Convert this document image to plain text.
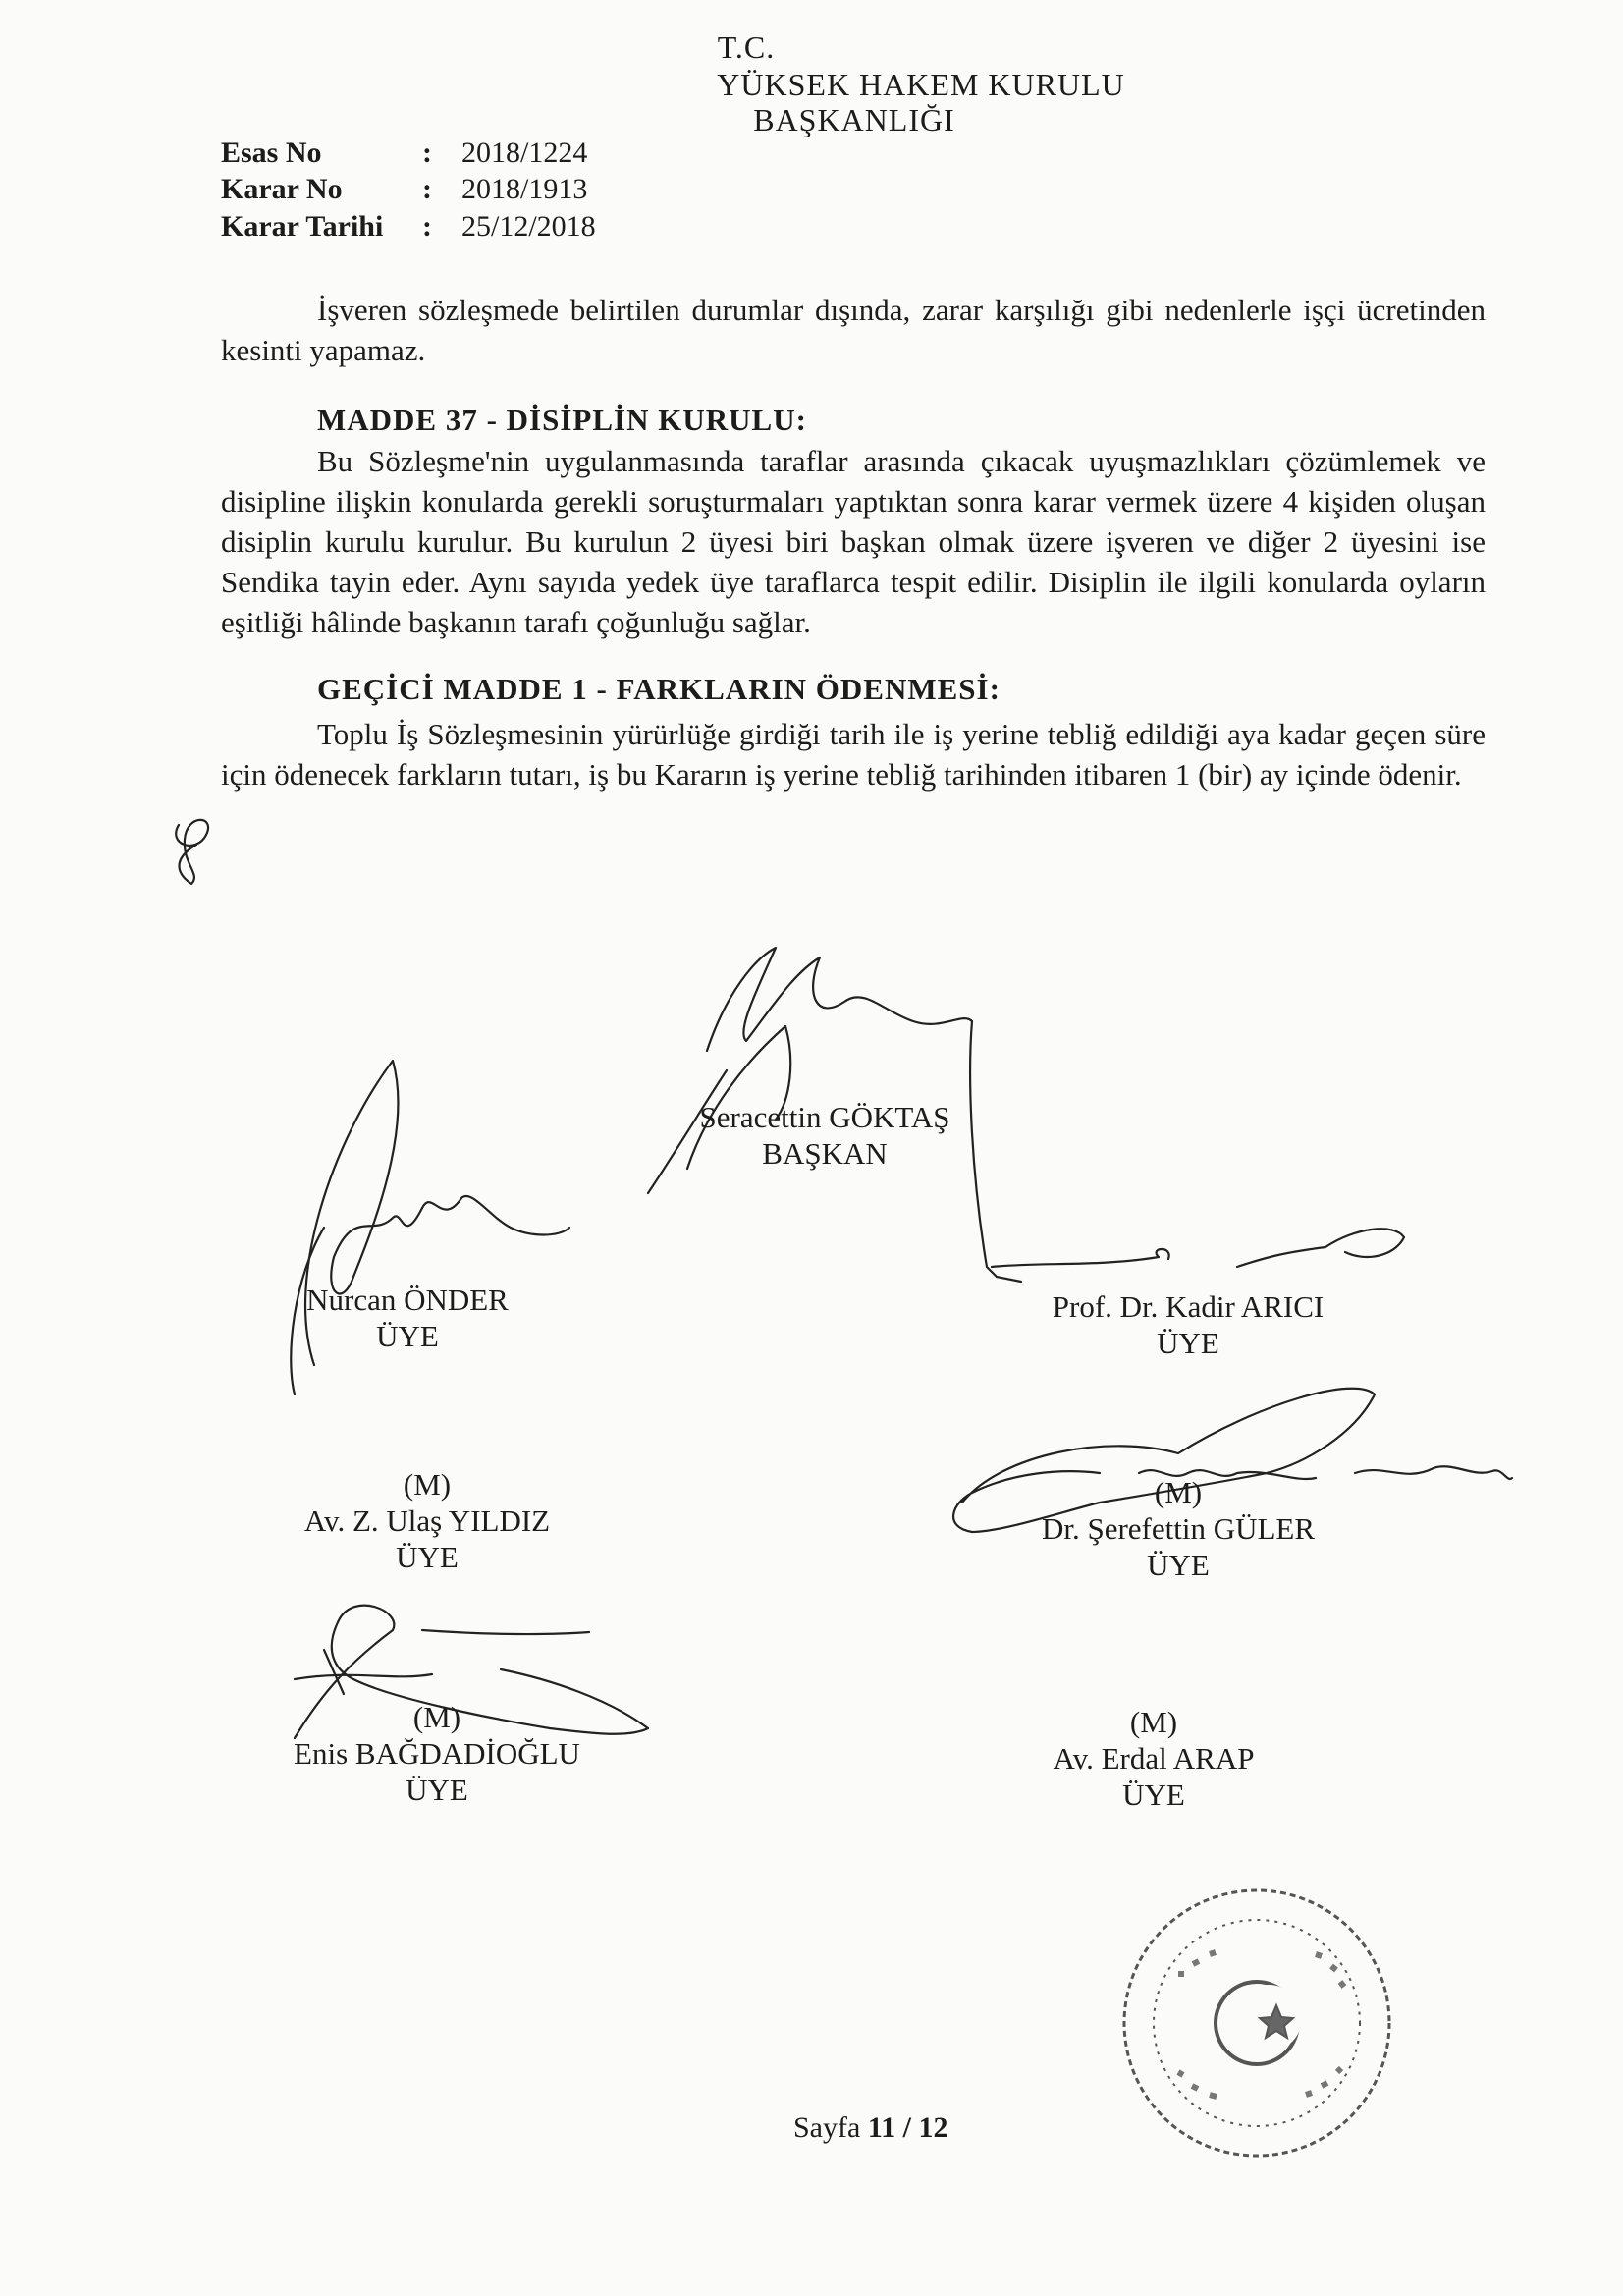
T.C.
YÜKSEK HAKEM KURULU
BAŞKANLIĞI
Esas No	: 2018/1224
Karar No	: 2018/1913
Karar Tarihi : 25/12/2018
İşveren sözleşmede belirtilen durumlar dışında, zarar karşılığı gibi nedenlerle işçi ücretinden kesinti yapamaz.
MADDE 37 - DİSİPLİN KURULU:
Bu Sözleşme'nin uygulanmasında taraflar arasında çıkacak uyuşmazlıkları çözümlemek ve disipline ilişkin konularda gerekli soruşturmaları yaptıktan sonra karar vermek üzere 4 kişiden oluşan disiplin kurulu kurulur. Bu kurulun 2 üyesi biri başkan olmak üzere işveren ve diğer 2 üyesini ise Sendika tayin eder. Aynı sayıda yedek üye taraflarca tespit edilir. Disiplin ile ilgili konularda oyların eşitliği hâlinde başkanın tarafı çoğunluğu sağlar.
GEÇİCİ MADDE 1 - FARKLARIN ÖDENMESİ:
Toplu İş Sözleşmesinin yürürlüğe girdiği tarih ile iş yerine tebliğ edildiği aya kadar geçen süre için ödenecek farkların tutarı, iş bu Kararın iş yerine tebliğ tarihinden itibaren 1 (bir) ay içinde ödenir.
Seracettin GÖKTAŞ
BAŞKAN
Nurcan ÖNDER
ÜYE
Prof. Dr. Kadir ARICI
ÜYE
(M)
Av. Z. Ulaş YILDIZ
ÜYE
(M)
Dr. Şerefettin GÜLER
ÜYE
(M)
Enis BAĞDADİOĞLU
ÜYE
(M)
Av. Erdal ARAP
ÜYE
Sayfa 11 / 12
